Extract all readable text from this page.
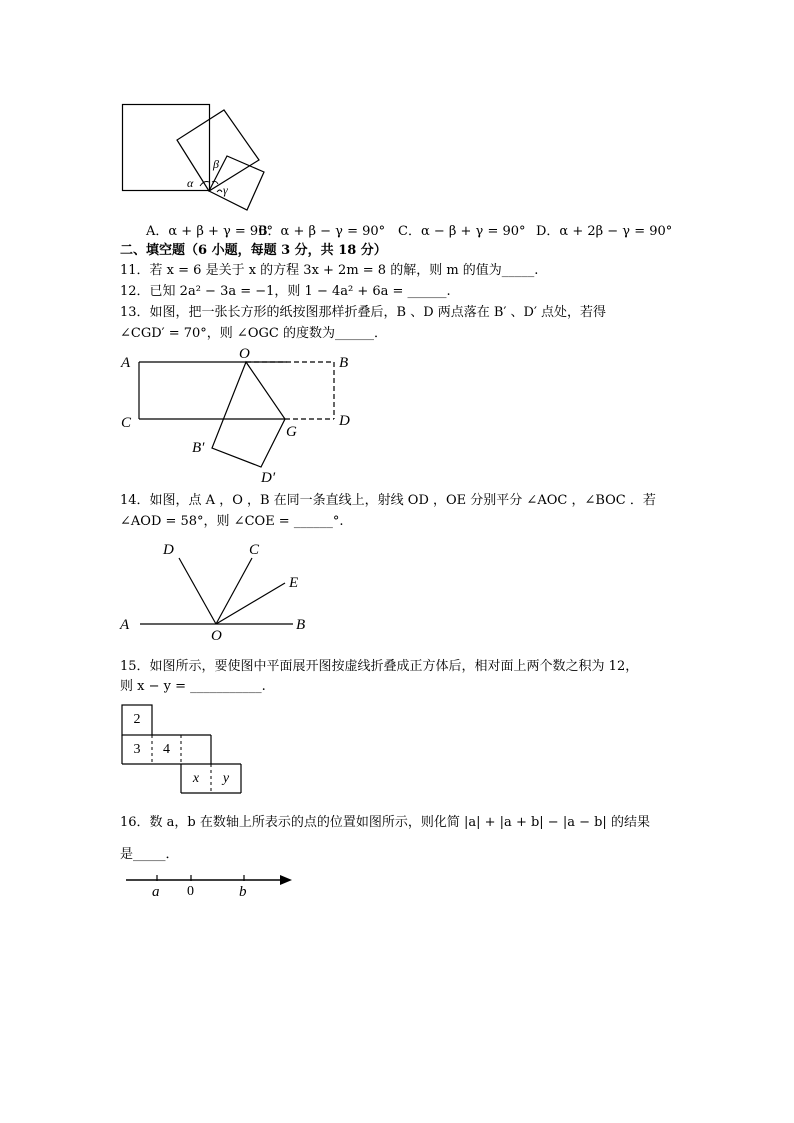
α
β
γ
A．α + β + γ = 90°
B．α + β − γ = 90° C．α − β + γ = 90° D．α + 2β − γ = 90°
二、填空题（6 小题，每题 3 分，共 18 分）
11．若 x = 6 是关于 x 的方程 3x + 2m = 8 的解，则 m 的值为_____.
12．已知 2a² − 3a = −1，则 1 − 4a² + 6a = ______.
13．如图，把一张长方形的纸按图那样折叠后，B 、D 两点落在 B′ 、D′ 点处，若得
∠CGD′ = 70°，则 ∠OGC 的度数为______．
A
O
B
C
G
D
B′
D′
14．如图，点 A ，O ，B 在同一条直线上，射线 OD ，OE 分别平分 ∠AOC ，∠BOC ．若
∠AOD = 58°，则 ∠COE = ______°.
D	C
E
A
O
B
15．如图所示，要使图中平面展开图按虚线折叠成正方体后，相对面上两个数之积为 12，
则 x − y = ___________.
2
3	4
x	y
16．数 a，b 在数轴上所表示的点的位置如图所示，则化简 |a| + |a + b| − |a − b| 的结果
是_____．
a 0	b
